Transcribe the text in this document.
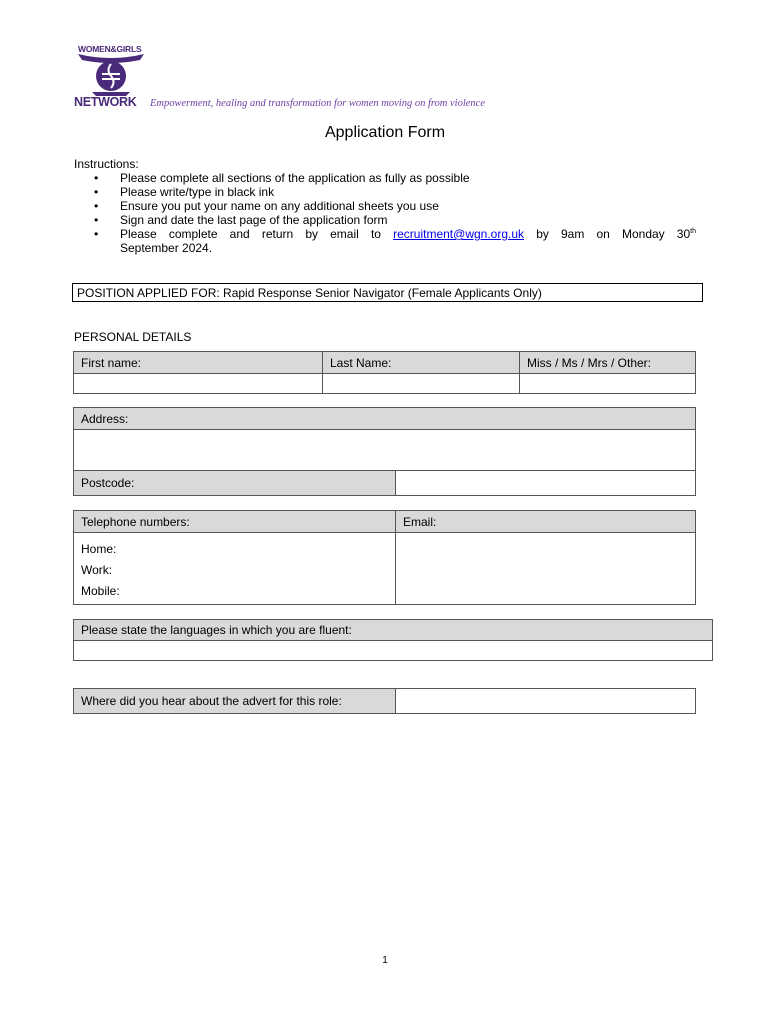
WOMEN&GIRLS
NETWORK Empowerment, healing and transformation for women moving on from violence
Application Form
Instructions:
• Please complete all sections of the application as fully as possible
• Please write/type in black ink
• Ensure you put your name on any additional sheets you use
• Sign and date the last page of the application form
• Please complete and return by email to recruitment@wgn.org.uk by 9am on Monday 30th
September 2024.
POSITION APPLIED FOR: Rapid Response Senior Navigator (Female Applicants Only)
PERSONAL DETAILS
First name:	Last Name:	Miss / Ms / Mrs / Other:

Address:

Postcode:	
Telephone numbers:	Email:

Home:
Work:
Mobile:	

Please state the languages in which you are fluent:

Where did you hear about the advert for this role:	
1
